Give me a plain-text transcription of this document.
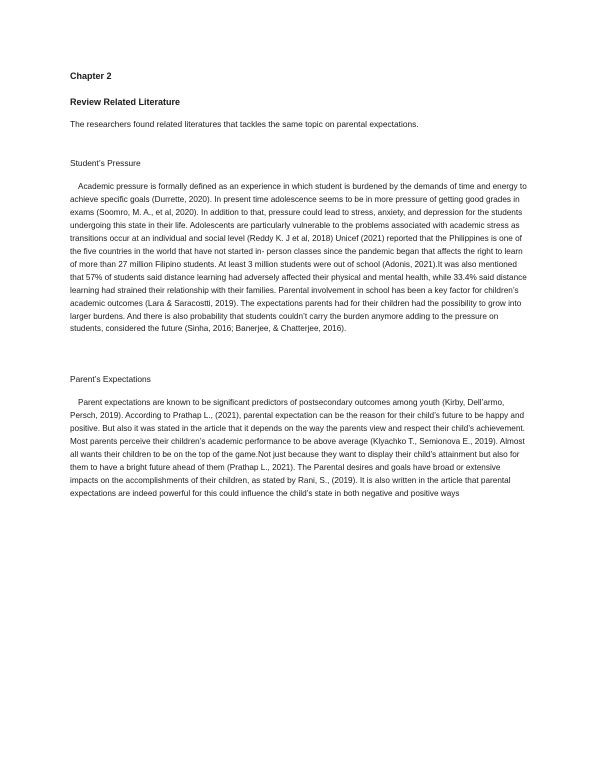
Chapter 2

Review Related Literature

The researchers found related literatures that tackles the same topic on parental expectations.

Student’s Pressure

Academic pressure is formally defined as an experience in which student is burdened by the demands of time and energy to achieve specific goals (Durrette, 2020). In present time adolescence seems to be in more pressure of getting good grades in exams (Soomro, M. A., et al, 2020). In addition to that, pressure could lead to stress, anxiety, and depression for the students undergoing this state in their life. Adolescents are particularly vulnerable to the problems associated with academic stress as transitions occur at an individual and social level (Reddy K. J et al, 2018) Unicef (2021) reported that the Philippines is one of the five countries in the world that have not started in- person classes since the pandemic began that affects the right to learn of more than 27 million Filipino students. At least 3 million students were out of school (Adonis, 2021).It was also mentioned that 57% of students said distance learning had adversely affected their physical and mental health, while 33.4% said distance learning had strained their relationship with their families. Parental involvement in school has been a key factor for children’s academic outcomes (Lara & Saracostti, 2019). The expectations parents had for their children had the possibility to grow into larger burdens. And there is also probability that students couldn’t carry the burden anymore adding to the pressure on students, considered the future (Sinha, 2016; Banerjee, & Chatterjee, 2016).

Parent’s Expectations

Parent expectations are known to be significant predictors of postsecondary outcomes among youth (Kirby, Dell’armo, Persch, 2019). According to Prathap L., (2021), parental expectation can be the reason for their child’s future to be happy and positive. But also it was stated in the article that it depends on the way the parents view and respect their child’s achievement. Most parents perceive their children’s academic performance to be above average (Klyachko T., Semionova E., 2019). Almost all wants their children to be on the top of the game.Not just because they want to display their child’s attainment but also for them to have a bright future ahead of them (Prathap L., 2021). The Parental desires and goals have broad or extensive impacts on the accomplishments of their children, as stated by Rani, S., (2019). It is also written in the article that parental expectations are indeed powerful for this could influence the child’s state in both negative and positive ways
